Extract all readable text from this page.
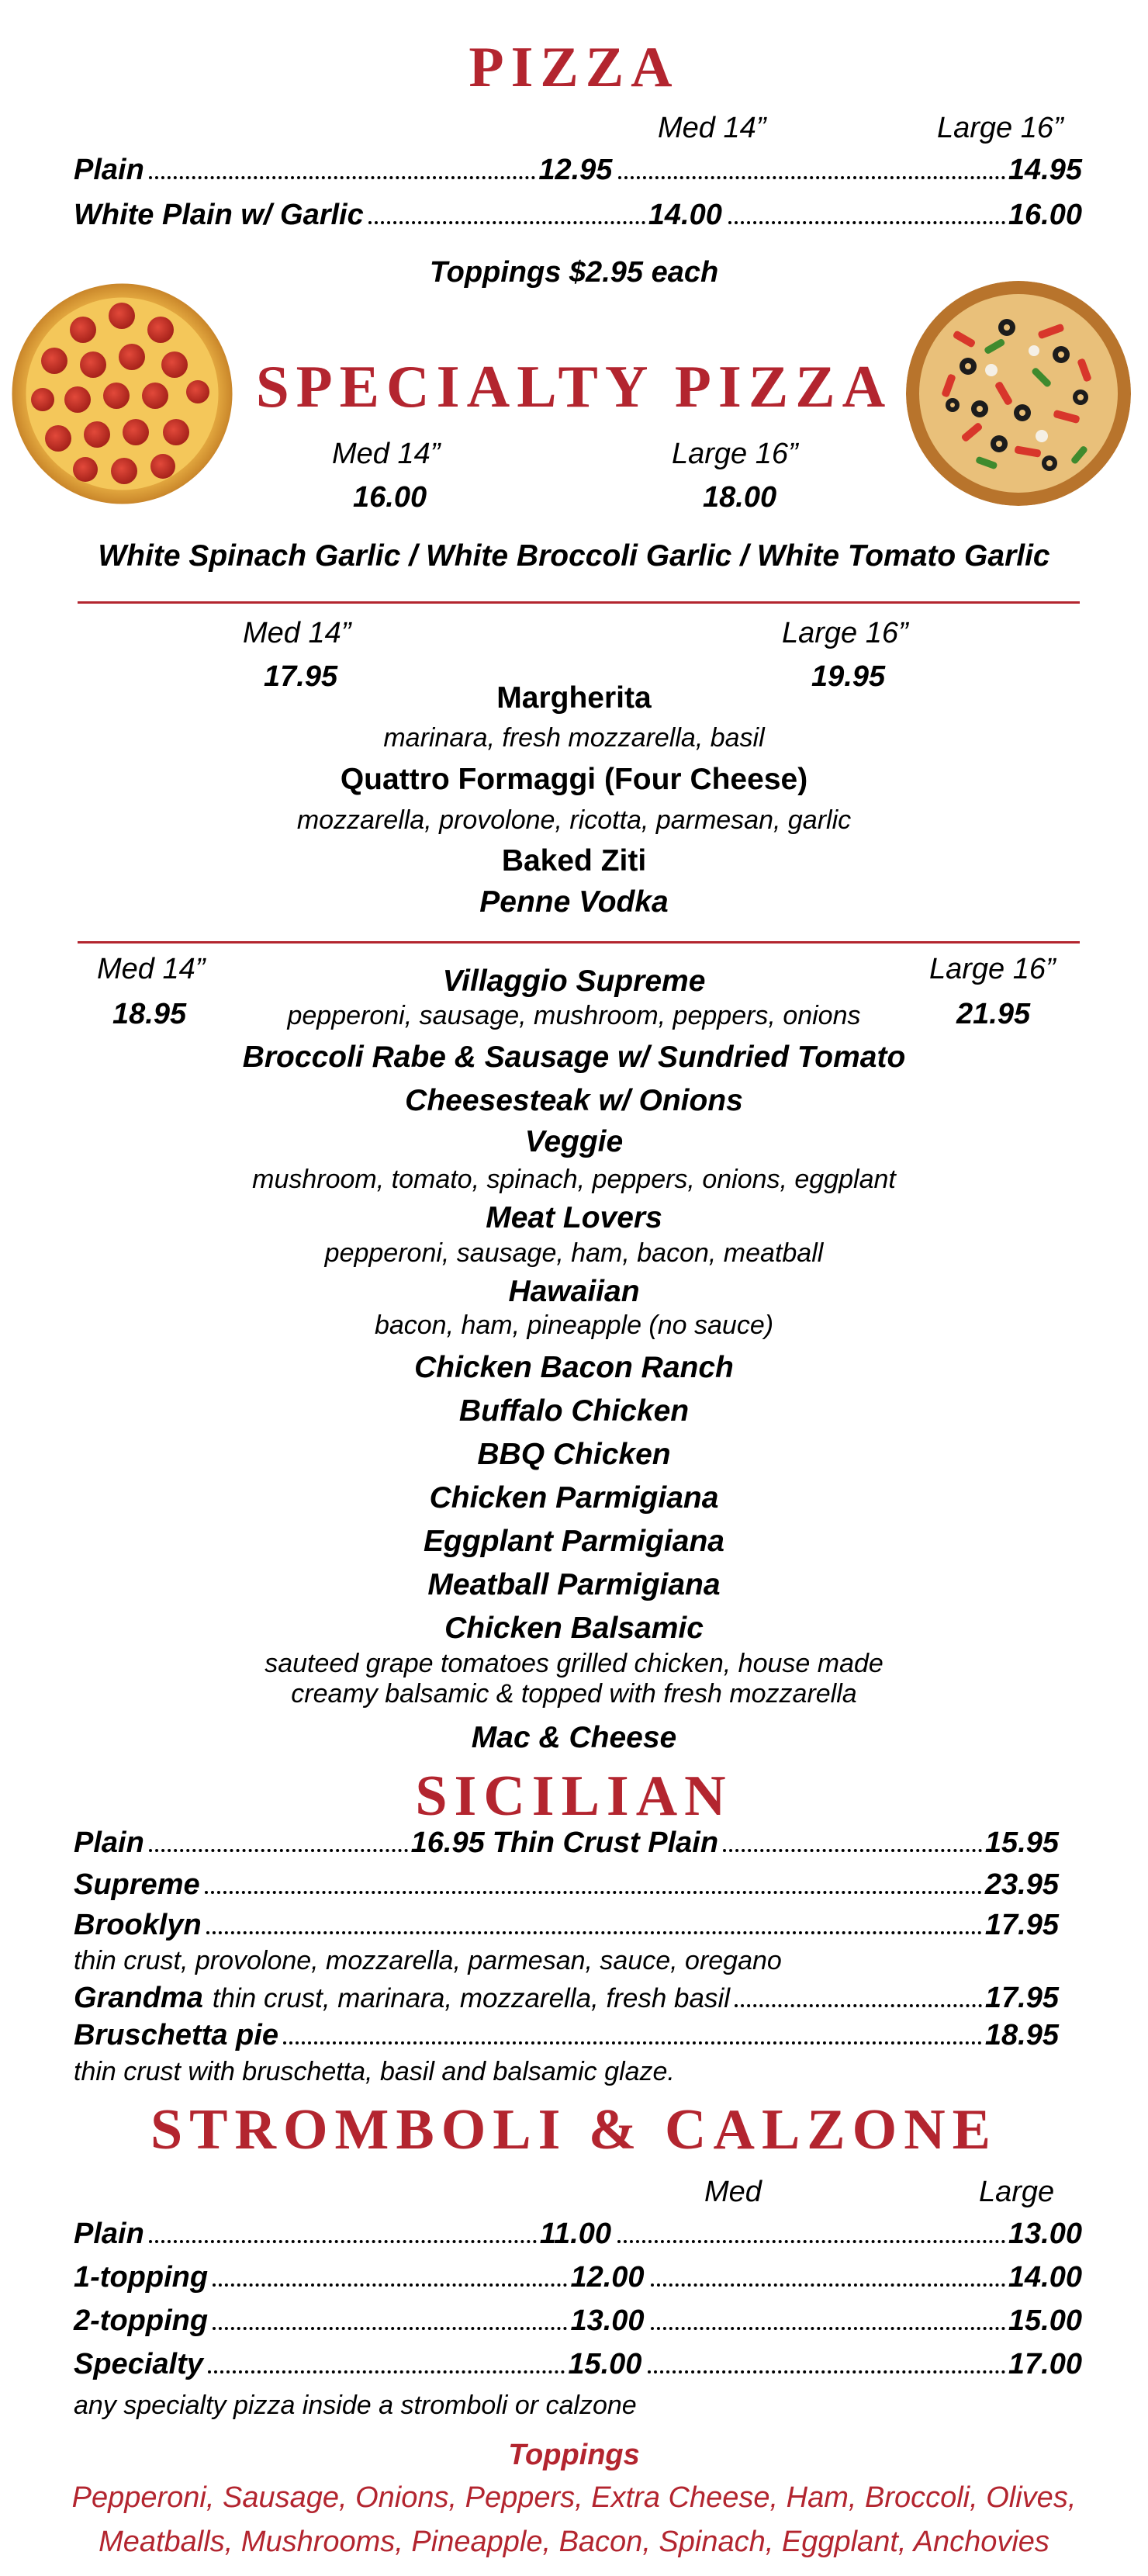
PIZZA
Med 14”	Large 16”
Plain	12.95	14.95
White Plain w/ Garlic	14.00	16.00
Toppings $2.95 each
SPECIALTY PIZZA
Med 14”	Large 16”
16.00	18.00
White Spinach Garlic / White Broccoli Garlic / White Tomato Garlic
Med 14”	Large 16”
17.95	19.95
Margherita
marinara, fresh mozzarella, basil
Quattro Formaggi (Four Cheese)
mozzarella, provolone, ricotta, parmesan, garlic
Baked Ziti
Penne Vodka
Med 14”	Large 16”
18.95	21.95
Villaggio Supreme
pepperoni, sausage, mushroom, peppers, onions
Broccoli Rabe & Sausage w/ Sundried Tomato
Cheesesteak w/ Onions
Veggie
mushroom, tomato, spinach, peppers, onions, eggplant
Meat Lovers
pepperoni, sausage, ham, bacon, meatball
Hawaiian
bacon, ham, pineapple (no sauce)
Chicken Bacon Ranch
Buffalo Chicken
BBQ Chicken
Chicken Parmigiana
Eggplant Parmigiana
Meatball Parmigiana
Chicken Balsamic
sauteed grape tomatoes grilled chicken, house made
creamy balsamic & topped with fresh mozzarella
Mac & Cheese
SICILIAN
Plain	16.95 Thin Crust Plain	15.95
Supreme	23.95
Brooklyn	17.95
thin crust, provolone, mozzarella, parmesan, sauce, oregano
Grandma thin crust, marinara, mozzarella, fresh basil	17.95
Bruschetta pie	18.95
thin crust with bruschetta, basil and balsamic glaze.
STROMBOLI & CALZONE
Med	Large
Plain	11.00	13.00
1-topping	12.00	14.00
2-topping	13.00	15.00
Specialty	15.00	17.00
any specialty pizza inside a stromboli or calzone
Toppings
Pepperoni, Sausage, Onions, Peppers, Extra Cheese, Ham, Broccoli, Olives,
Meatballs, Mushrooms, Pineapple, Bacon, Spinach, Eggplant, Anchovies
